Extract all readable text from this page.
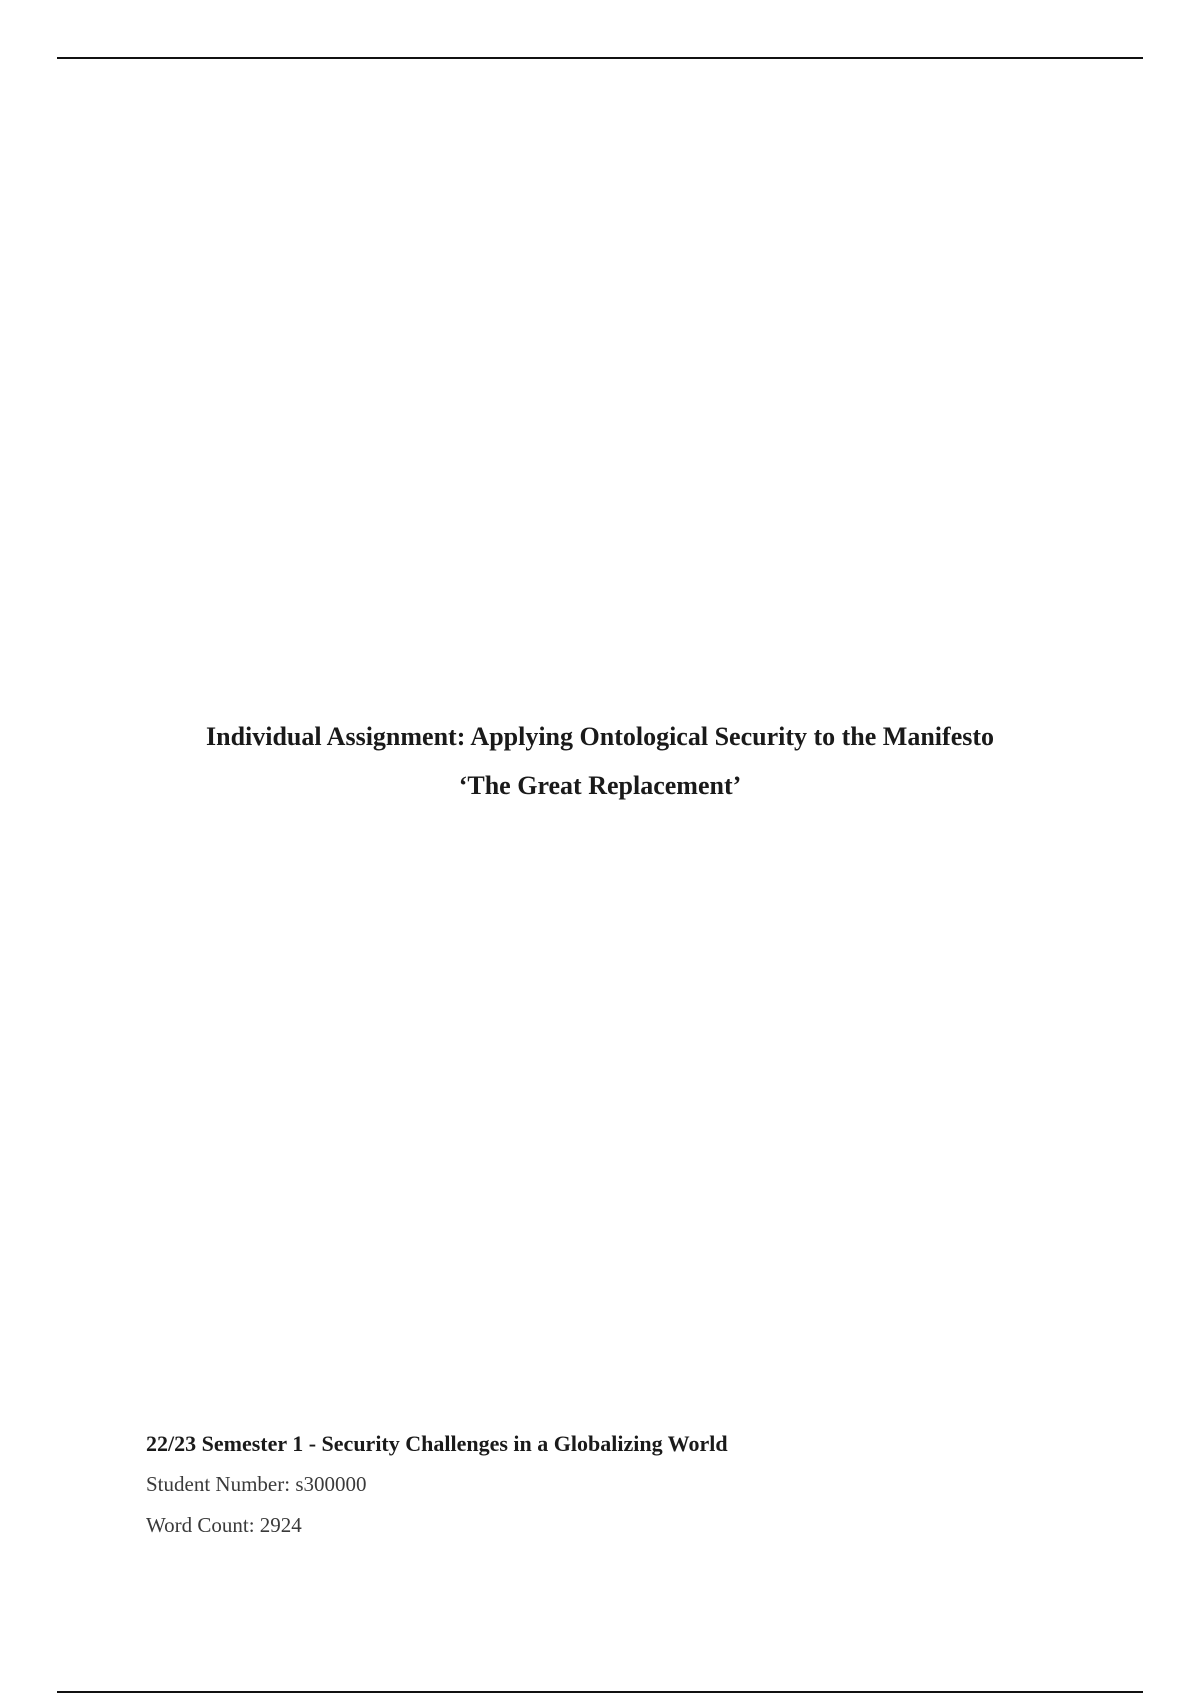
Individual Assignment: Applying Ontological Security to the Manifesto
‘The Great Replacement’
22/23 Semester 1 - Security Challenges in a Globalizing World
Student Number: s300000
Word Count: 2924
